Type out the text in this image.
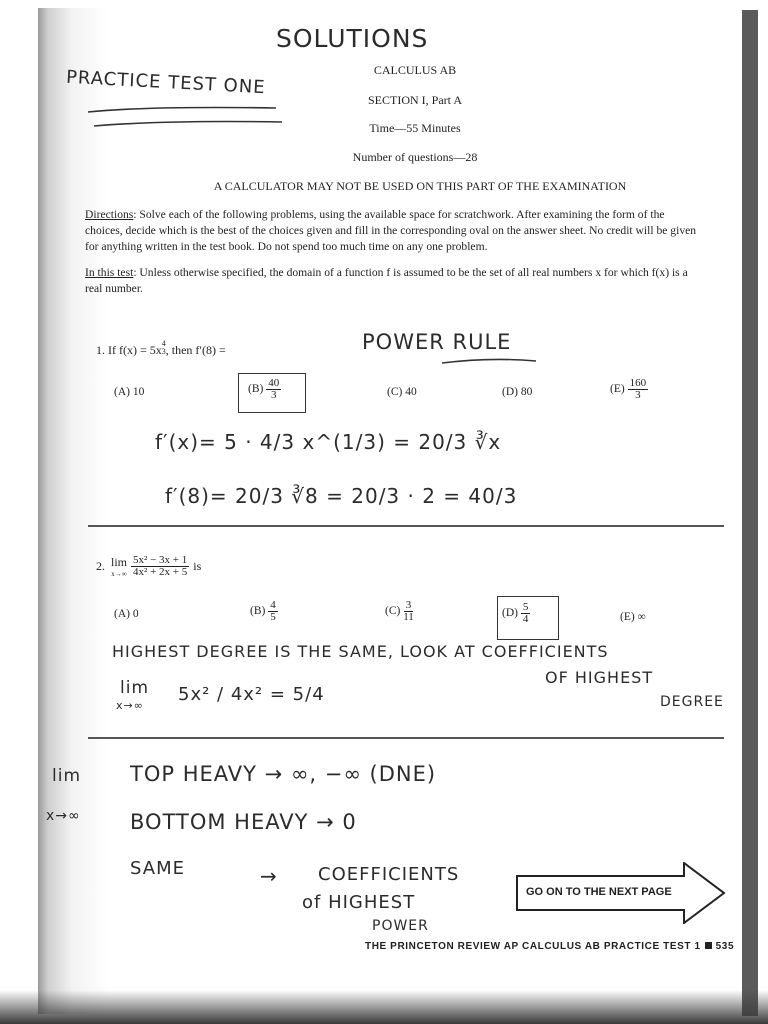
SOLUTIONS
PRACTICE TEST ONE	CALCULUS AB
SECTION I, Part A
Time—55 Minutes
Number of questions—28
A CALCULATOR MAY NOT BE USED ON THIS PART OF THE EXAMINATION
Directions: Solve each of the following problems, using the available space for scratchwork. After examining the form of the choices, decide which is the best of the choices given and fill in the corresponding oval on the answer sheet. No credit will be given for anything written in the test book. Do not spend too much time on any one problem.
In this test: Unless otherwise specified, the domain of a function f is assumed to be the set of all real numbers x for which f(x) is a real number.
1. If f(x) = 5x $^{4 3}$ , then f′(8) =	POWER RULE
(A) 10	$(B) \frac{40}{3}$	(C) 40	(D) 80	$(E) \frac{160}{3}$
f′(x)= 5 · 4/3 x^(1/3) = 20/3 ∛x
f′(8)= 20/3 ∛8 = 20/3 · 2 = 40/3
2. lim
$x\to\infty \frac{\text{5x² − 3x + 1}}{\text{4x² + 2x + 5}}$ is
(A) 0	$(B) \frac{4}{5}$	$(C) \frac{3}{11}$	$(D) \frac{5}{4}$	(E) ∞
HIGHEST DEGREE IS THE SAME, LOOK AT COEFFICIENTS
OF HIGHEST
DEGREE
lim
x→∞
5x² / 4x² = 5/4
lim
x→∞
TOP HEAVY → ∞, −∞ (DNE)
BOTTOM HEAVY → 0
SAME	→ COEFFICIENTS
of HIGHEST
POWER
GO ON TO THE NEXT PAGE
THE PRINCETON REVIEW AP CALCULUS AB PRACTICE TEST 1 535
